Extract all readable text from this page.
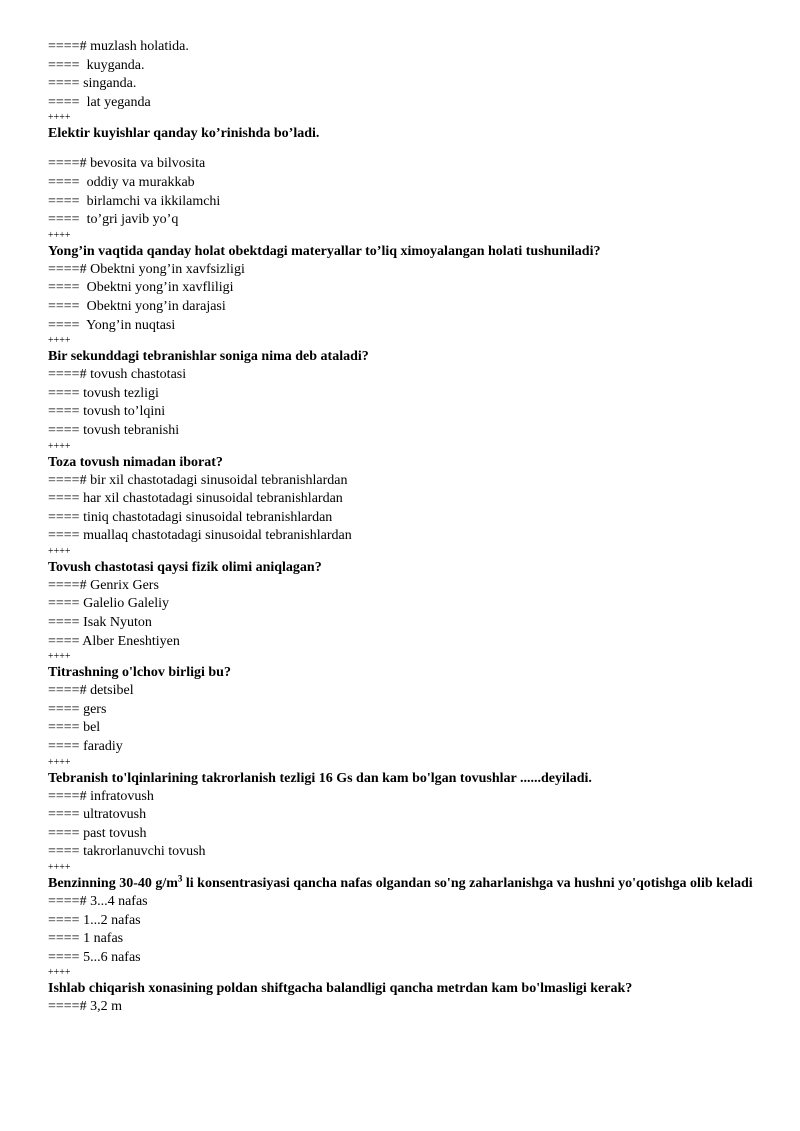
====# muzlash holatida.
====  kuyganda.
==== singanda.
====  lat yeganda
++++
Elektir kuyishlar qanday ko’rinishda bo’ladi.
====# bevosita va bilvosita
====  oddiy va murakkab
====  birlamchi va ikkilamchi
====  to’gri javib yo’q
++++
Yong’in vaqtida qanday holat obektdagi materyallar to’liq ximoyalangan holati tushuniladi?
====# Obektni yong’in xavfsizligi
====  Obektni yong’in xavfliligi
====  Obektni yong’in darajasi
====  Yong’in nuqtasi
++++
Bir sekunddagi tebranishlar soniga nima deb ataladi?
====# tovush chastotasi
==== tovush tezligi
==== tovush to’lqini
==== tovush tebranishi
++++
Toza tovush nimadan iborat?
====# bir xil chastotadagi sinusoidal tebranishlardan
==== har xil chastotadagi sinusoidal tebranishlardan
==== tiniq chastotadagi sinusoidal tebranishlardan
==== muallaq chastotadagi sinusoidal tebranishlardan
++++
Tovush chastotasi qaysi fizik olimi aniqlagan?
====# Genrix Gers
==== Galelio Galeliy
==== Isak Nyuton
==== Alber Eneshtiyen
++++
Titrashning o'lchov birligi bu?
====# detsibel
==== gers
==== bel
==== faradiy
++++
Tebranish to'lqinlarining takrorlanish tezligi 16 Gs dan kam bo'lgan tovushlar ......deyiladi.
====# infratovush
==== ultratovush
==== past tovush
==== takrorlanuvchi tovush
++++
Benzinning 30-40 $g/m^3$ li konsentrasiyasi qancha nafas olgandan so'ng zaharlanishga va hushni yo'qotishga olib keladi
====# 3...4 nafas
==== 1...2 nafas
==== 1 nafas
==== 5...6 nafas
++++
Ishlab chiqarish xonasining poldan shiftgacha balandligi qancha metrdan kam bo'lmasligi kerak?
====# 3,2 m
